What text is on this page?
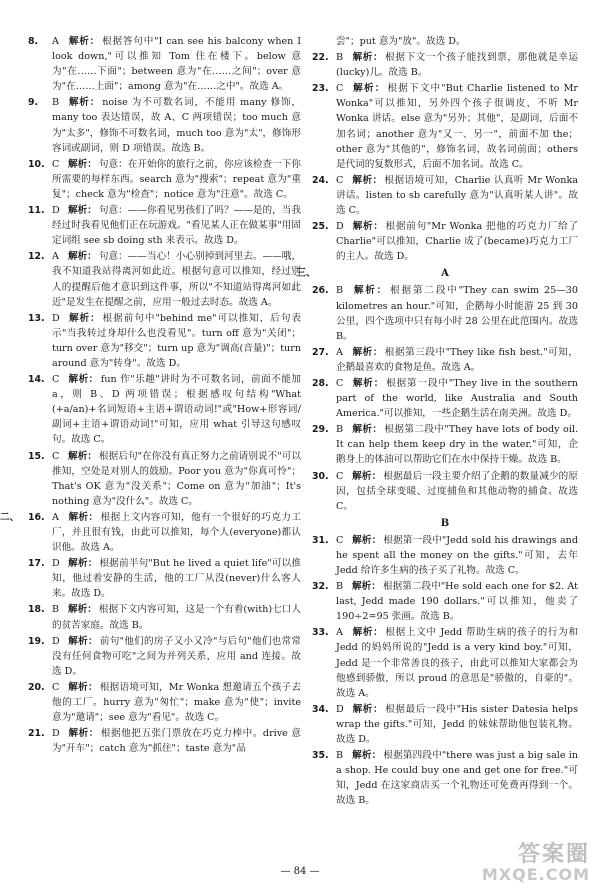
8. A 解析： 根据答句中"I can see his balcony when I look down,"可以推知 Tom 住在楼下。below 意为"在……下面"；between 意为"在……之间"；over 意为"在……上面"；among 意为"在……之中"。故选 A。
9. B 解析： noise 为不可数名词，不能用 many 修饰，many too 表达错误，故 A、C 两项错误；too much 意为"太多"，修饰不可数名词，much too 意为"太"，修饰形容词或副词，则 D 项错误。故选 B。
10. C 解析： 句意：在开始你的旅行之前，你应该检查一下你所需要的每样东西。search 意为"搜索"；repeat 意为"重复"；check 意为"检查"；notice 意为"注意"。故选 C。
11. D 解析： 句意：——你看见男孩们了吗？——是的，当我经过时我看见他们正在玩游戏。"看见某人正在做某事"用固定词组 see sb doing sth 来表示。故选 D。
12. A 解析： 句意：——当心！小心别掉到河里去。——哦，我不知道我站得离河如此近。根据句意可以推知，经过别人的提醒后他才意识到这件事，所以"不知道站得离河如此近"是发生在提醒之前，应用一般过去时态。故选 A。
13. D 解析： 根据前句中"behind me"可以推知，后句表示"当我转过身却什么也没看见"。turn off 意为"关闭"；turn over 意为"移交"；turn up 意为"调高(音量)"；turn around 意为"转身"。故选 D。
14. C 解析： fun 作"乐趣"讲时为不可数名词，前面不能加 a，则 B、D 两项错误；根据感叹句结构"What (+a/an)+名词短语+主语+谓语动词!"或"How+形容词/副词+主语+谓语动词!"可知，应用 what 引导这句感叹句。故选 C。
15. C 解析： 根据后句"在你没有真正努力之前请别说不"可以推知，空处是对别人的鼓励。Poor you 意为"你真可怜"；That's OK 意为"没关系"；Come on 意为"加油"；It's nothing 意为"没什么"。故选 C。
二、 16. A 解析： 根据上文内容可知，他有一个很好的巧克力工厂，并且很有钱，由此可以推知，每个人(everyone)都认识他。故选 A。
17. D 解析： 根据前半句"But he lived a quiet life"可以推知，他过着安静的生活，他的工厂从没(never)什么客人来。故选 D。
18. B 解析： 根据下文内容可知，这是一个有着(with)七口人的贫苦家庭。故选 B。
19. D 解析： 前句"他们的房子又小又冷"与后句"他们也常常没有任何食物可吃"之间为并列关系，应用 and 连接。故选 D。
20. C 解析： 根据语境可知，Mr Wonka 想邀请五个孩子去他的工厂。hurry 意为"匆忙"；make 意为"使"；invite 意为"邀请"；see 意为"看见"。故选 C。
21. D 解析： 根据他把五张门票放在巧克力棒中。drive 意为"开车"；catch 意为"抓住"；taste 意为"品
尝"；put 意为"放"。故选 D。
22. B 解析： 根据下文一个孩子能找到票，那他就是幸运(lucky)儿。故选 B。
23. C 解析： 根据下文中"But Charlie listened to Mr Wonka"可以推知，另外四个孩子很调皮，不听 Mr Wonka 讲话。else 意为"另外；其他"，是副词，后面不加名词；another 意为"又一、另一"，前面不加 the；other 意为"其他的"，修饰名词，故名词前面；others 是代词的复数形式，后面不加名词。故选 C。
24. C 解析： 根据语境可知，Charlie 认真听 Mr Wonka 讲话。listen to sb carefully 意为"认真听某人讲"。故选 C。
25. D 解析： 根据前句"Mr Wonka 把他的巧克力厂给了 Charlie"可以推知，Charlie 成了(became)巧克力工厂的主人。故选 D。
三、	A
26. B 解析： 根据第二段中"They can swim 25—30 kilometres an hour."可知，企鹅每小时能游 25 到 30 公里，四个选项中只有每小时 28 公里在此范围内。故选 B。
27. A 解析： 根据第三段中"They like fish best."可知，企鹅最喜欢的食物是鱼。故选 A。
28. C 解析： 根据第一段中"They live in the southern part of the world, like Australia and South America."可以推知，一些企鹅生活在南美洲。故选 D。
29. B 解析： 根据第二段中"They have lots of body oil. It can help them keep dry in the water."可知，企鹅身上的体油可以帮助它们在水中保持干燥。故选 B。
30. C 解析： 根据最后一段主要介绍了企鹅的数量减少的原因，包括全球变暖、过度捕鱼和其他动物的捕食。故选 C。
B
31. C 解析： 根据第一段中"Jedd sold his drawings and he spent all the money on the gifts."可知，去年 Jedd 给许多生病的孩子买了礼物。故选 C。
32. B 解析： 根据第二段中"He sold each one for $2. At last, Jedd made 190 dollars."可以推知，他卖了 190÷2=95 张画。故选 B。
33. A 解析： 根据上文中 Jedd 帮助生病的孩子的行为和 Jedd 的妈妈所说的"Jedd is a very kind boy."可知，Jedd 是一个非常善良的孩子，由此可以推知大家都会为他感到骄傲，所以 proud 的意思是"骄傲的，自豪的"。故选 A。
34. D 解析： 根据最后一段中"His sister Datesia helps wrap the gifts."可知，Jedd 的妹妹帮助他包装礼物。故选 D。
35. B 解析： 根据第四段中"there was just a big sale in a shop. He could buy one and get one for free."可知，Jedd 在这家商店买一个礼物还可免费再得到一个。故选 B。
— 84 —
答案圈
MXQE.COM
